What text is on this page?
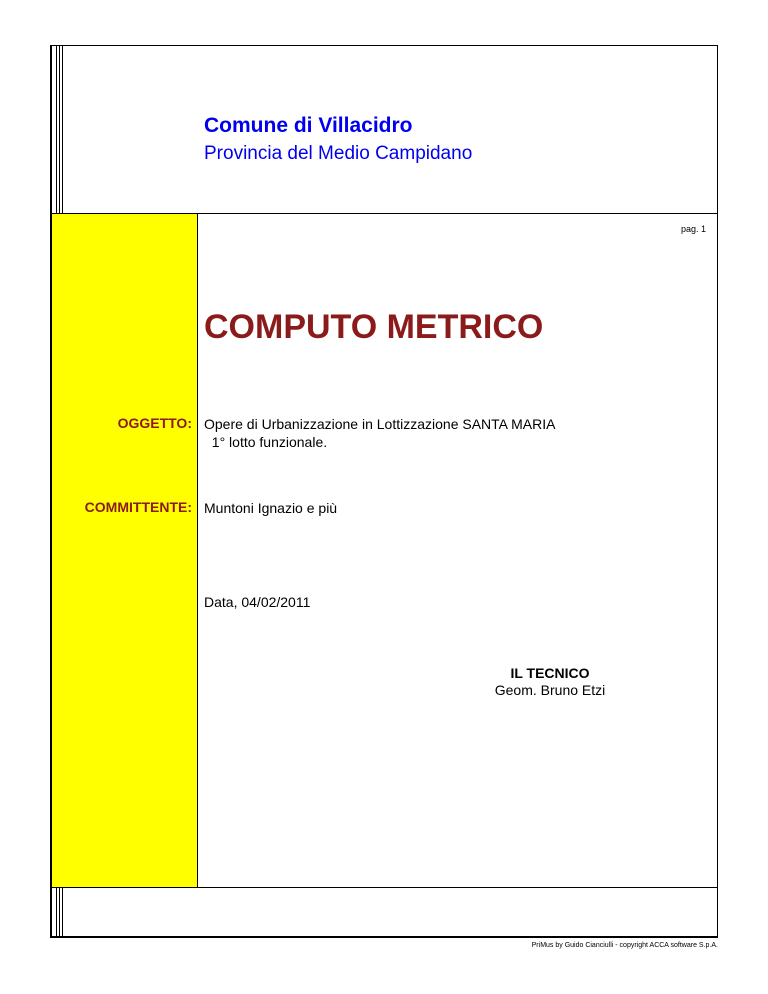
Comune di Villacidro
Provincia del Medio Campidano
pag. 1
COMPUTO METRICO
OGGETTO: Opere di Urbanizzazione in Lottizzazione SANTA MARIA
1° lotto funzionale.
COMMITTENTE: Muntoni Ignazio e più
Data, 04/02/2011
IL TECNICO
Geom. Bruno Etzi
PriMus by Guido Cianciulli - copyright ACCA software S.p.A.
